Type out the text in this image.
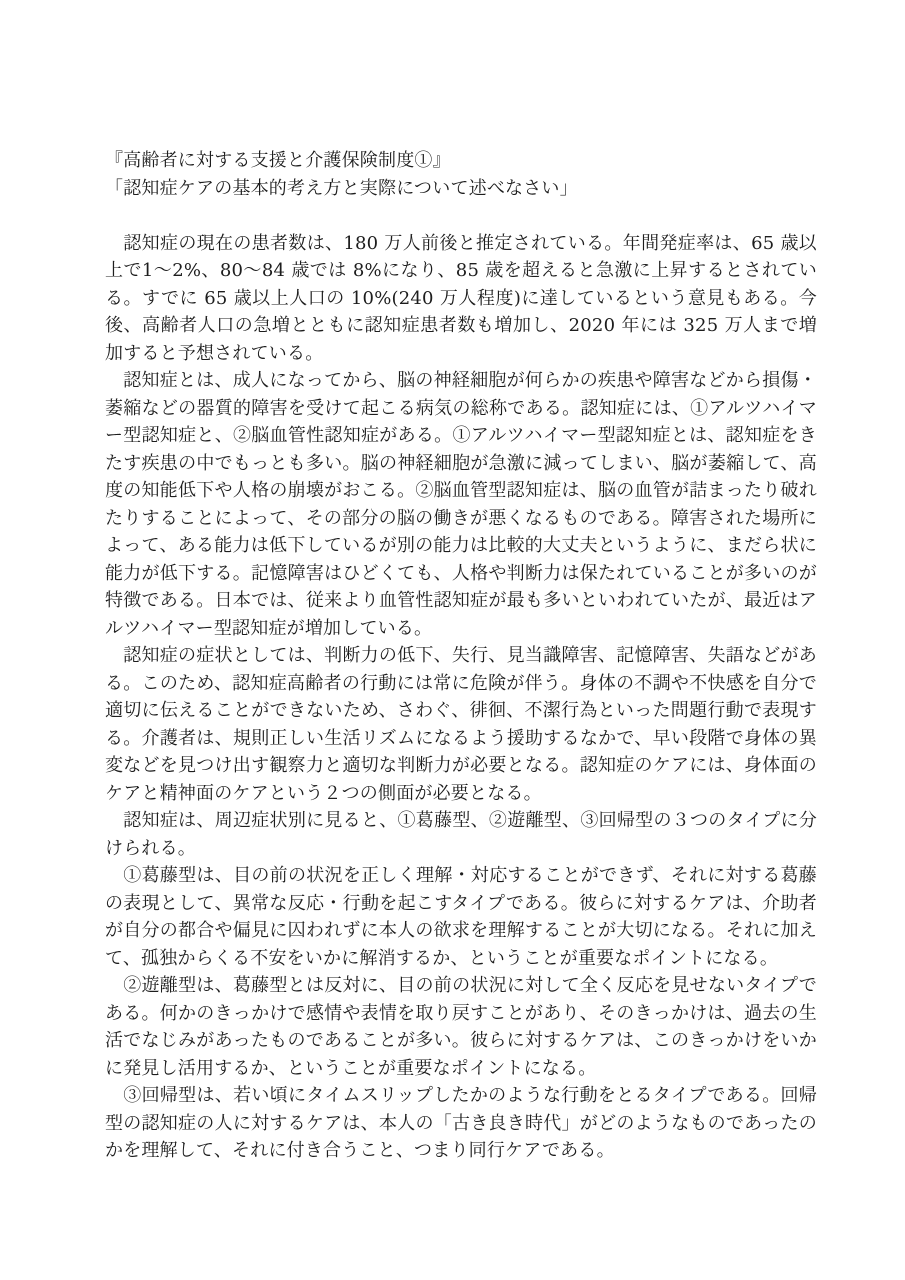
『高齢者に対する支援と介護保険制度①』
「認知症ケアの基本的考え方と実際について述べなさい」

　認知症の現在の患者数は、180 万人前後と推定されている。年間発症率は、65 歳以上で1～2%、80～84 歳では 8%になり、85 歳を超えると急激に上昇するとされている。すでに 65 歳以上人口の 10%(240 万人程度)に達しているという意見もある。今後、高齢者人口の急増とともに認知症患者数も増加し、2020 年には 325 万人まで増加すると予想されている。

　認知症とは、成人になってから、脳の神経細胞が何らかの疾患や障害などから損傷・萎縮などの器質的障害を受けて起こる病気の総称である。認知症には、①アルツハイマー型認知症と、②脳血管性認知症がある。①アルツハイマー型認知症とは、認知症をきたす疾患の中でもっとも多い。脳の神経細胞が急激に減ってしまい、脳が萎縮して、高度の知能低下や人格の崩壊がおこる。②脳血管型認知症は、脳の血管が詰まったり破れたりすることによって、その部分の脳の働きが悪くなるものである。障害された場所によって、ある能力は低下しているが別の能力は比較的大丈夫というように、まだら状に能力が低下する。記憶障害はひどくても、人格や判断力は保たれていることが多いのが特徴である。日本では、従来より血管性認知症が最も多いといわれていたが、最近はアルツハイマー型認知症が増加している。

　認知症の症状としては、判断力の低下、失行、見当識障害、記憶障害、失語などがある。このため、認知症高齢者の行動には常に危険が伴う。身体の不調や不快感を自分で適切に伝えることができないため、さわぐ、徘徊、不潔行為といった問題行動で表現する。介護者は、規則正しい生活リズムになるよう援助するなかで、早い段階で身体の異変などを見つけ出す観察力と適切な判断力が必要となる。認知症のケアには、身体面のケアと精神面のケアという２つの側面が必要となる。

　認知症は、周辺症状別に見ると、①葛藤型、②遊離型、③回帰型の３つのタイプに分けられる。

　①葛藤型は、目の前の状況を正しく理解・対応することができず、それに対する葛藤の表現として、異常な反応・行動を起こすタイプである。彼らに対するケアは、介助者が自分の都合や偏見に囚われずに本人の欲求を理解することが大切になる。それに加えて、孤独からくる不安をいかに解消するか、ということが重要なポイントになる。

　②遊離型は、葛藤型とは反対に、目の前の状況に対して全く反応を見せないタイプである。何かのきっかけで感情や表情を取り戻すことがあり、そのきっかけは、過去の生活でなじみがあったものであることが多い。彼らに対するケアは、このきっかけをいかに発見し活用するか、ということが重要なポイントになる。

　③回帰型は、若い頃にタイムスリップしたかのような行動をとるタイプである。回帰型の認知症の人に対するケアは、本人の「古き良き時代」がどのようなものであったのかを理解して、それに付き合うこと、つまり同行ケアである。
